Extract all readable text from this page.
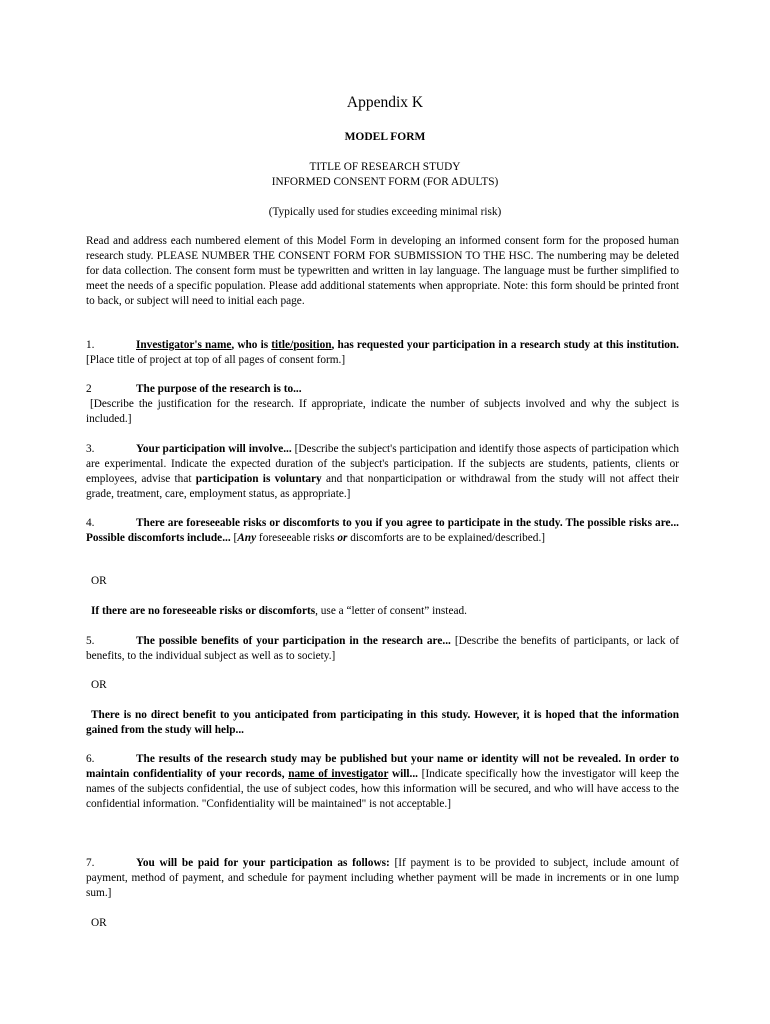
Appendix K
MODEL FORM
TITLE OF RESEARCH STUDY
INFORMED CONSENT FORM (FOR ADULTS)
(Typically used for studies exceeding minimal risk)
Read and address each numbered element of this Model Form in developing an informed consent form for the proposed human research study. PLEASE NUMBER THE CONSENT FORM FOR SUBMISSION TO THE HSC. The numbering may be deleted for data collection. The consent form must be typewritten and written in lay language. The language must be further simplified to meet the needs of a specific population. Please add additional statements when appropriate. Note: this form should be printed front to back, or subject will need to initial each page.
1.	Investigator's name, who is title/position, has requested your participation in a research study at this institution. [Place title of project at top of all pages of consent form.]
2	The purpose of the research is to...
[Describe the justification for the research. If appropriate, indicate the number of subjects involved and why the subject is included.]
3.	Your participation will involve... [Describe the subject's participation and identify those aspects of participation which are experimental. Indicate the expected duration of the subject's participation. If the subjects are students, patients, clients or employees, advise that participation is voluntary and that nonparticipation or withdrawal from the study will not affect their grade, treatment, care, employment status, as appropriate.]
4.	There are foreseeable risks or discomforts to you if you agree to participate in the study. The possible risks are... Possible discomforts include... [Any foreseeable risks or discomforts are to be explained/described.]
OR
If there are no foreseeable risks or discomforts, use a “letter of consent” instead.
5.	The possible benefits of your participation in the research are... [Describe the benefits of participants, or lack of benefits, to the individual subject as well as to society.]
OR
There is no direct benefit to you anticipated from participating in this study. However, it is hoped that the information gained from the study will help...
6.	The results of the research study may be published but your name or identity will not be revealed. In order to maintain confidentiality of your records, name of investigator will... [Indicate specifically how the investigator will keep the names of the subjects confidential, the use of subject codes, how this information will be secured, and who will have access to the confidential information. "Confidentiality will be maintained" is not acceptable.]
7.	You will be paid for your participation as follows: [If payment is to be provided to subject, include amount of payment, method of payment, and schedule for payment including whether payment will be made in increments or in one lump sum.]
OR
